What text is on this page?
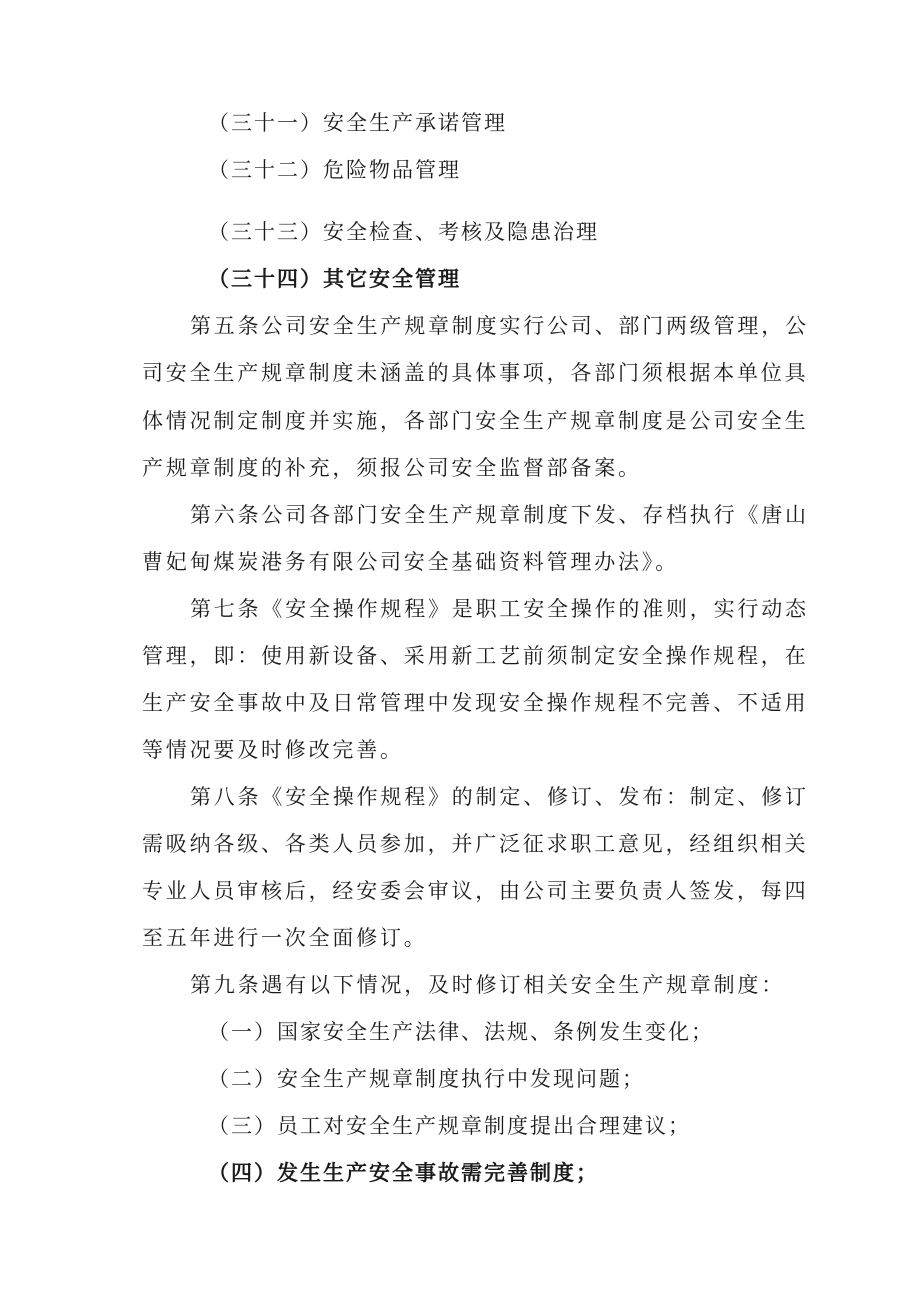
（三十一）安全生产承诺管理

（三十二）危险物品管理

（三十三）安全检查、考核及隐患治理

（三十四）其它安全管理

第五条公司安全生产规章制度实行公司、部门两级管理，公

司安全生产规章制度未涵盖的具体事项，各部门须根据本单位具

体情况制定制度并实施，各部门安全生产规章制度是公司安全生

产规章制度的补充，须报公司安全监督部备案。

第六条公司各部门安全生产规章制度下发、存档执行《唐山

曹妃甸煤炭港务有限公司安全基础资料管理办法》。

第七条《安全操作规程》是职工安全操作的准则，实行动态

管理，即：使用新设备、采用新工艺前须制定安全操作规程，在

生产安全事故中及日常管理中发现安全操作规程不完善、不适用

等情况要及时修改完善。

第八条《安全操作规程》的制定、修订、发布：制定、修订

需吸纳各级、各类人员参加，并广泛征求职工意见，经组织相关

专业人员审核后，经安委会审议，由公司主要负责人签发，每四

至五年进行一次全面修订。

第九条遇有以下情况，及时修订相关安全生产规章制度：

（一）国家安全生产法律、法规、条例发生变化；

（二）安全生产规章制度执行中发现问题；

（三）员工对安全生产规章制度提出合理建议；

（四）发生生产安全事故需完善制度；
